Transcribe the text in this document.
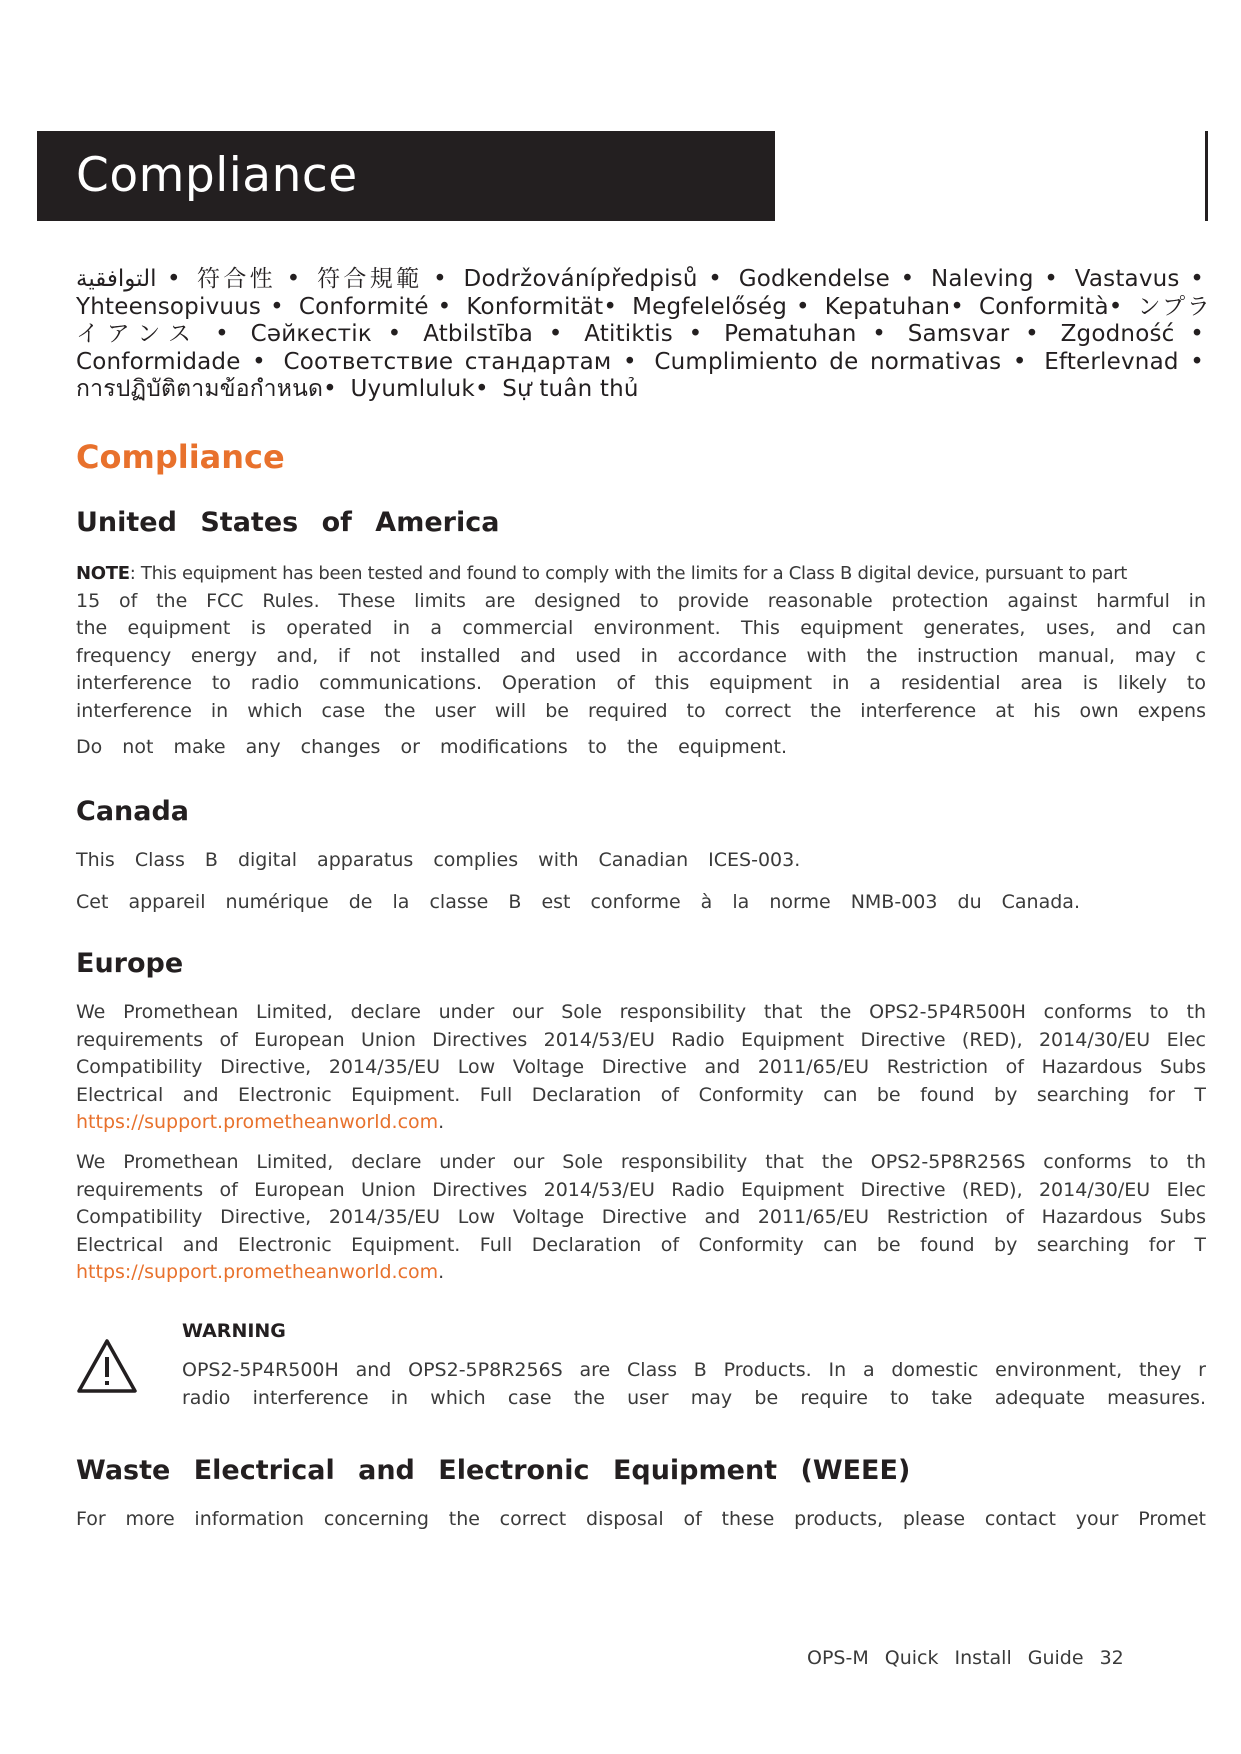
Compliance
التوافقية • 符合性 • 符合規範 • Dodržovánípředpisů • Godkendelse • Naleving • Vastavus • Yhteensopivuus • Conformité • Konformität• Megfelelőség • Kepatuhan• Conformità• ンプライアンス • Сәйкестік • Atbilstība • Atitiktis • Pematuhan • Samsvar • Zgodność • Conformidade • Соответствие стандартам • Cumplimiento de normativas • Efterlevnad • การปฏิบัติตามข้อกำหนด• Uyumluluk• Sự tuân thủ
Compliance
United States of America
NOTE: This equipment has been tested and found to comply with the limits for a Class B digital device, pursuant to part
15 of the FCC Rules. These limits are designed to provide reasonable protection against harmful in
the equipment is operated in a commercial environment. This equipment generates, uses, and can
frequency energy and, if not installed and used in accordance with the instruction manual, may c
interference to radio communications. Operation of this equipment in a residential area is likely to
interference in which case the user will be required to correct the interference at his own expens
Do not make any changes or modifications to the equipment.
Canada
This Class B digital apparatus complies with Canadian ICES-003.
Cet appareil numérique de la classe B est conforme à la norme NMB-003 du Canada.
Europe
We Promethean Limited, declare under our Sole responsibility that the OPS2-5P4R500H conforms to th
requirements of European Union Directives 2014/53/EU Radio Equipment Directive (RED), 2014/30/EU Elec
Compatibility Directive, 2014/35/EU Low Voltage Directive and 2011/65/EU Restriction of Hazardous Subs
Electrical and Electronic Equipment. Full Declaration of Conformity can be found by searching for T
https://support.prometheanworld.com.
We Promethean Limited, declare under our Sole responsibility that the OPS2-5P8R256S conforms to th
requirements of European Union Directives 2014/53/EU Radio Equipment Directive (RED), 2014/30/EU Elec
Compatibility Directive, 2014/35/EU Low Voltage Directive and 2011/65/EU Restriction of Hazardous Subs
Electrical and Electronic Equipment. Full Declaration of Conformity can be found by searching for T
https://support.prometheanworld.com.
WARNING
OPS2-5P4R500H and OPS2-5P8R256S are Class B Products. In a domestic environment, they r
radio interference in which case the user may be require to take adequate measures.
Waste Electrical and Electronic Equipment (WEEE)
For more information concerning the correct disposal of these products, please contact your Promet
OPS-M Quick Install Guide 32
